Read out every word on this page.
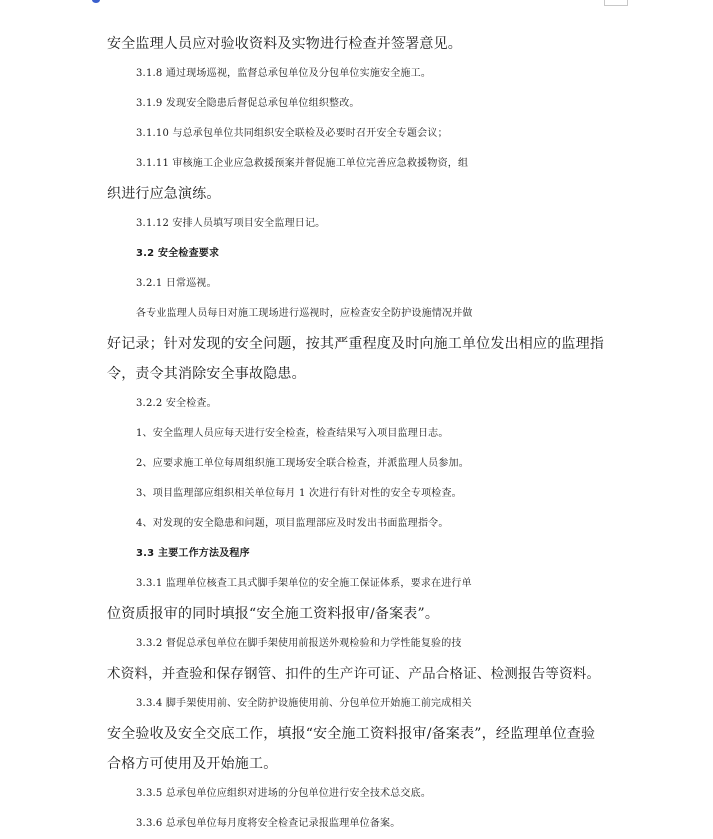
安全监理人员应对验收资料及实物进行检查并签署意见。
3.1.8 通过现场巡视，监督总承包单位及分包单位实施安全施工。
3.1.9 发现安全隐患后督促总承包单位组织整改。
3.1.10 与总承包单位共同组织安全联检及必要时召开安全专题会议；
3.1.11 审核施工企业应急救援预案并督促施工单位完善应急救援物资，组
织进行应急演练。
3.1.12 安排人员填写项目安全监理日记。
3.2 安全检查要求
3.2.1 日常巡视。
各专业监理人员每日对施工现场进行巡视时，应检查安全防护设施情况并做
好记录；针对发现的安全问题，按其严重程度及时向施工单位发出相应的监理指
令，责令其消除安全事故隐患。
3.2.2 安全检查。
1、安全监理人员应每天进行安全检查，检查结果写入项目监理日志。
2、应要求施工单位每周组织施工现场安全联合检查，并派监理人员参加。
3、项目监理部应组织相关单位每月 1 次进行有针对性的安全专项检查。
4、对发现的安全隐患和问题，项目监理部应及时发出书面监理指令。
3.3 主要工作方法及程序
3.3.1 监理单位核查工具式脚手架单位的安全施工保证体系，要求在进行单
位资质报审的同时填报“安全施工资料报审/备案表”。
3.3.2 督促总承包单位在脚手架使用前报送外观检验和力学性能复验的技
术资料，并查验和保存钢管、扣件的生产许可证、产品合格证、检测报告等资料。
3.3.4 脚手架使用前、安全防护设施使用前、分包单位开始施工前完成相关
安全验收及安全交底工作，填报“安全施工资料报审/备案表”，经监理单位查验
合格方可使用及开始施工。
3.3.5 总承包单位应组织对进场的分包单位进行安全技术总交底。
3.3.6 总承包单位每月度将安全检查记录报监理单位备案。
